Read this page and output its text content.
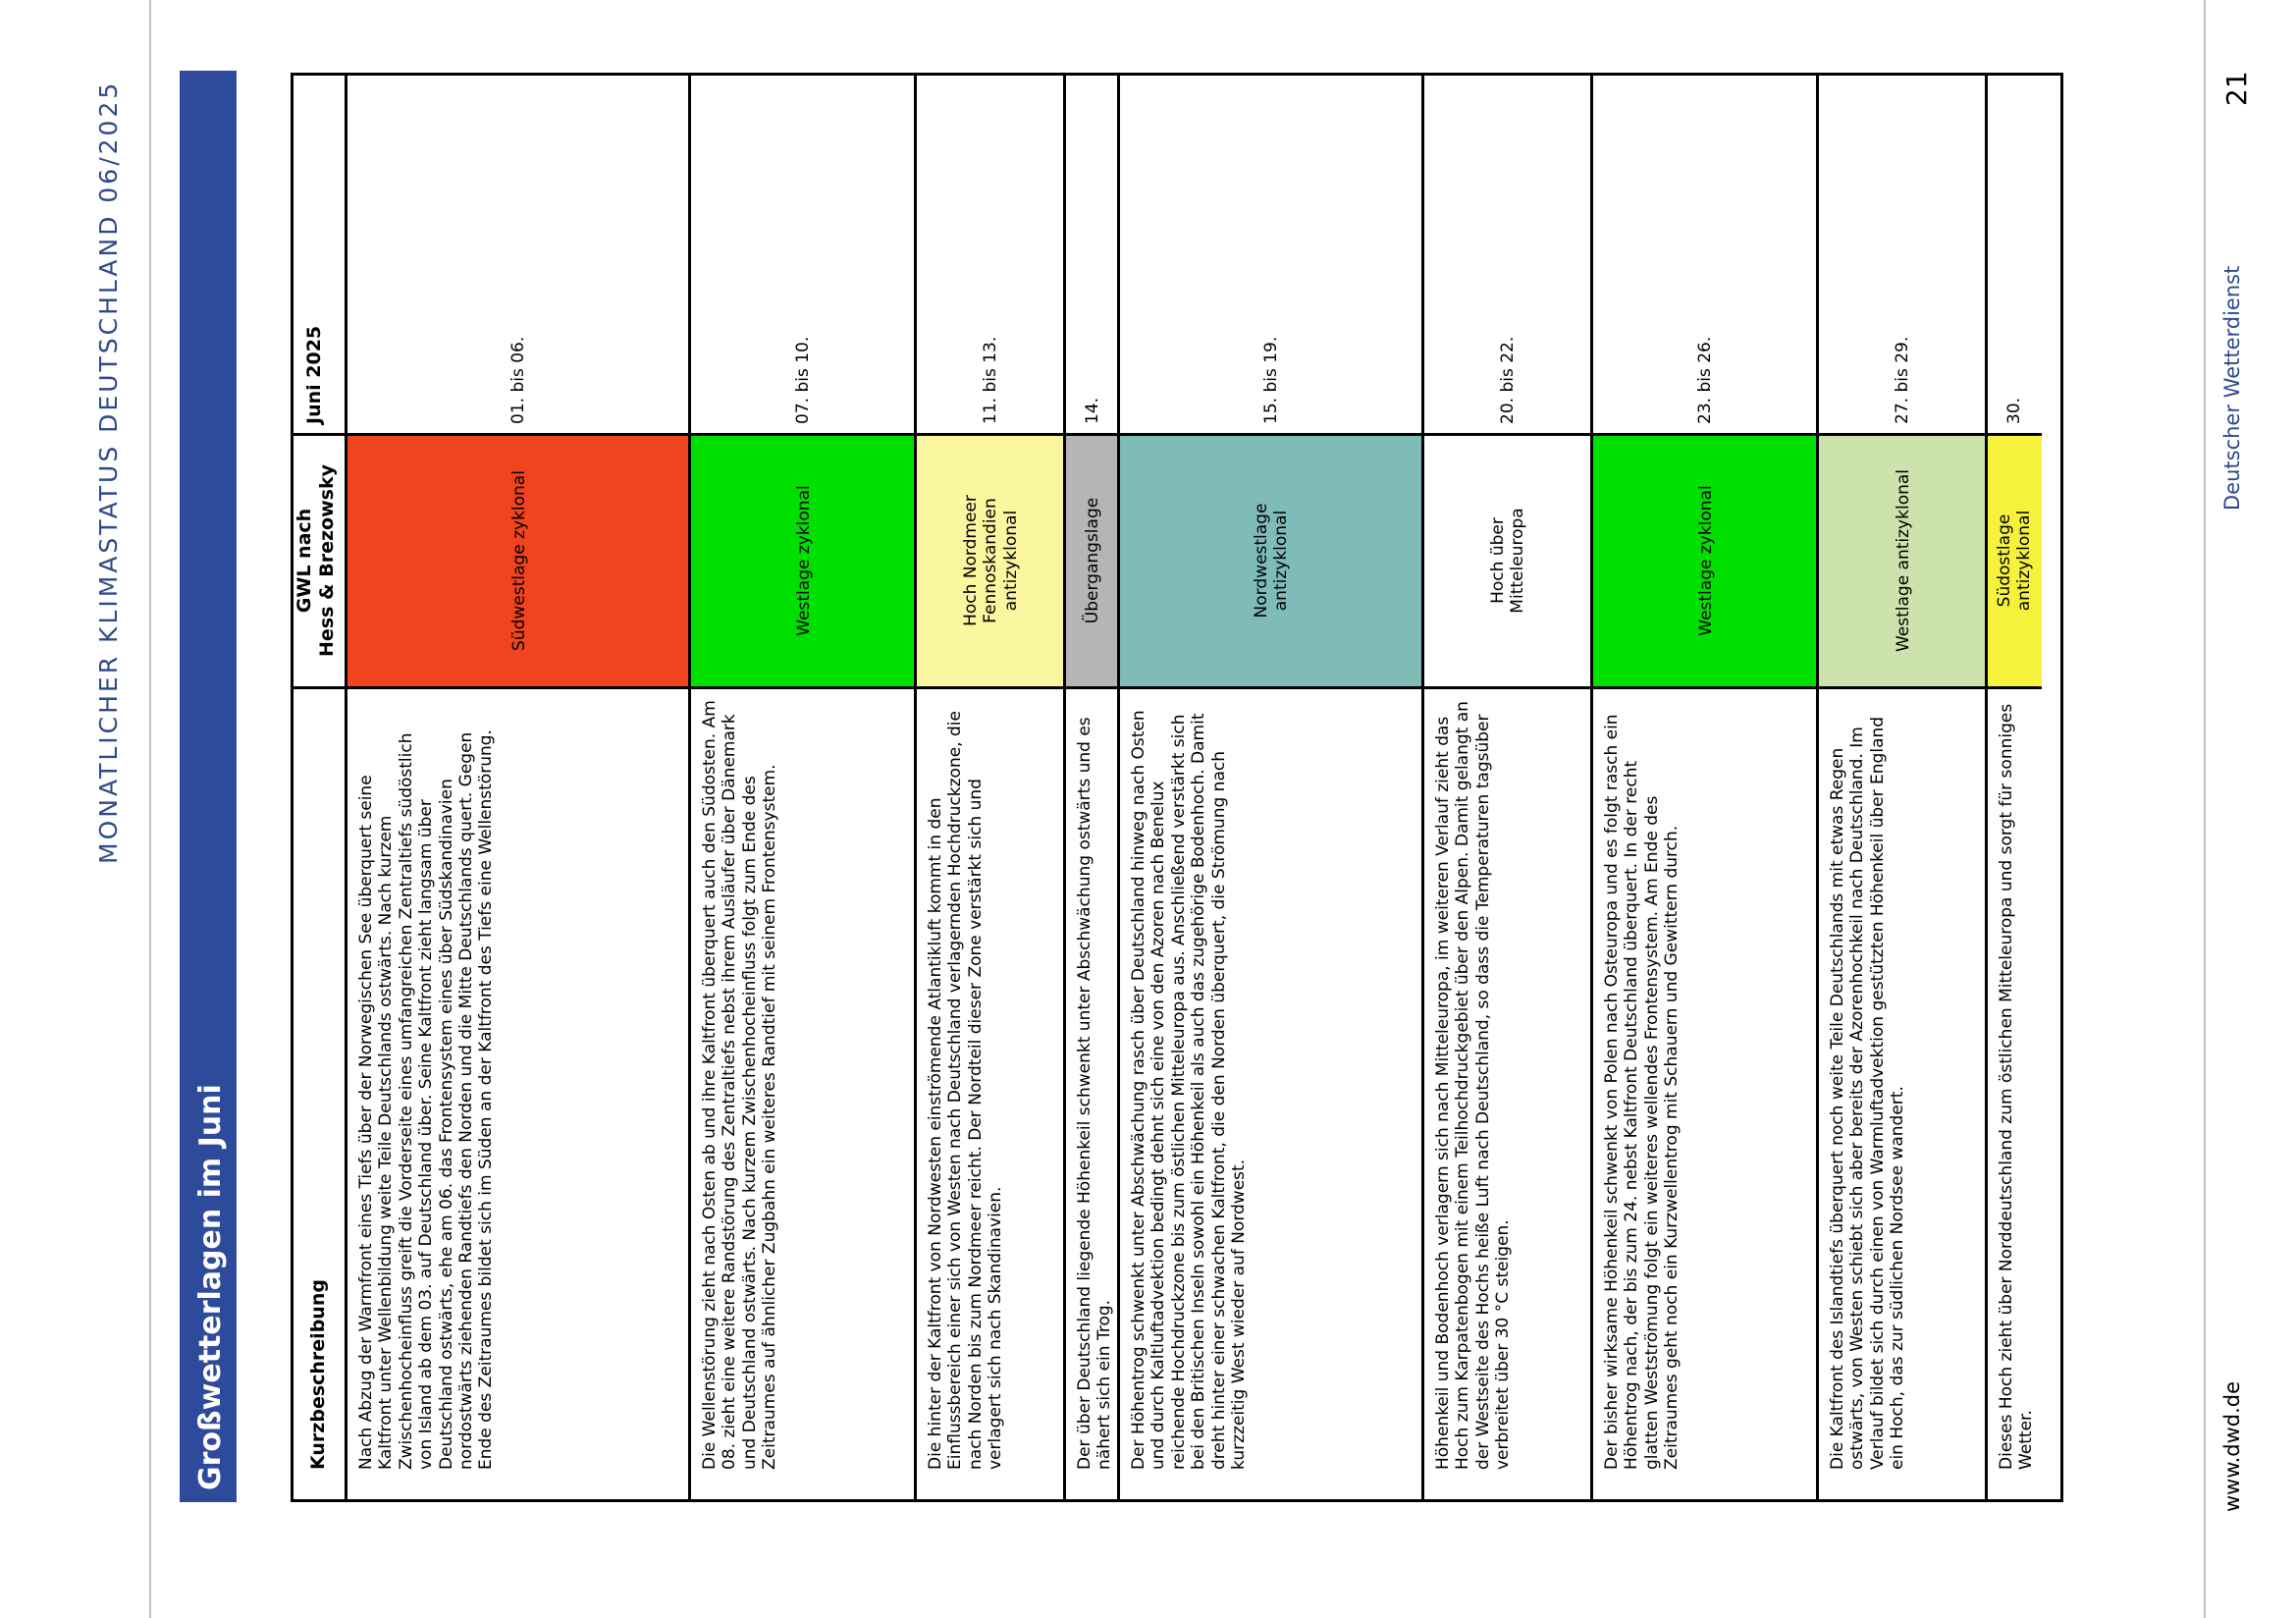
MONATLICHER KLIMASTATUS DEUTSCHLAND 06/2025	21
Deutscher Wetterdienst
www.dwd.de
Großwetterlagen im Juni
Juni 2025
GWL nach Hess & Brezowsky
Kurzbeschreibung
01. bis 06.
Südwestlage zyklonal
Nach Abzug der Warmfront eines Tiefs über der Norwegischen See überquert seine Kaltfront unter Wellenbildung weite Teile Deutschlands ostwärts. Nach kurzem Zwischenhocheinfluss greift die Vorderseite eines umfangreichen Zentraltiefs südöstlich von Island ab dem 03. auf Deutschland über. Seine Kaltfront zieht langsam über Deutschland ostwärts, ehe am 06. das Frontensystem eines über Südskandinavien nordostwärts ziehenden Randtiefs den Norden und die Mitte Deutschlands quert. Gegen Ende des Zeitraumes bildet sich im Süden an der Kaltfront des Tiefs eine Wellenstörung.
07. bis 10.
Westlage zyklonal
Die Wellenstörung zieht nach Osten ab und ihre Kaltfront überquert auch den Südosten. Am 08. zieht eine weitere Randstörung des Zentraltiefs nebst ihrem Ausläufer über Dänemark und Deutschland ostwärts. Nach kurzem Zwischenhocheinfluss folgt zum Ende des Zeitraumes auf ähnlicher Zugbahn ein weiteres Randtief mit seinem Frontensystem.
11. bis 13.
Hoch Nordmeer Fennoskandien antizyklonal
Die hinter der Kaltfront von Nordwesten einströmende Atlantikluft kommt in den Einflussbereich einer sich von Westen nach Deutschland verlagernden Hochdruckzone, die nach Norden bis zum Nordmeer reicht. Der Nordteil dieser Zone verstärkt sich und verlagert sich nach Skandinavien.
14.
Übergangslage
Der über Deutschland liegende Höhenkeil schwenkt unter Abschwächung ostwärts und es nähert sich ein Trog.
15. bis 19.
Nordwestlage antizyklonal
Der Höhentrog schwenkt unter Abschwächung rasch über Deutschland hinweg nach Osten und durch Kaltluftadvektion bedingt dehnt sich eine von den Azoren nach Benelux reichende Hochdruckzone bis zum östlichen Mitteleuropa aus. Anschließend verstärkt sich bei den Britischen Inseln sowohl ein Höhenkeil als auch das zugehörige Bodenhoch. Damit dreht hinter einer schwachen Kaltfront, die den Norden überquert, die Strömung nach kurzzeitig West wieder auf Nordwest.
20. bis 22.
Hoch über Mitteleuropa
Höhenkeil und Bodenhoch verlagern sich nach Mitteleuropa, im weiteren Verlauf zieht das Hoch zum Karpatenbogen mit einem Teilhochdruckgebiet über den Alpen. Damit gelangt an der Westseite des Hochs heiße Luft nach Deutschland, so dass die Temperaturen tagsüber verbreitet über 30 °C steigen.
23. bis 26.
Westlage zyklonal
Der bisher wirksame Höhenkeil schwenkt von Polen nach Osteuropa und es folgt rasch ein Höhentrog nach, der bis zum 24. nebst Kaltfront Deutschland überquert. In der recht glatten Westströmung folgt ein weiteres wellendes Frontensystem. Am Ende des Zeitraumes geht noch ein Kurzwellentrog mit Schauern und Gewittern durch.
27. bis 29.
Westlage antizyklonal
Die Kaltfront des Islandtiefs überquert noch weite Teile Deutschlands mit etwas Regen ostwärts, von Westen schiebt sich aber bereits der Azorenhochkeil nach Deutschland. Im Verlauf bildet sich durch einen von Warmluftadvektion gestützten Höhenkeil über England ein Hoch, das zur südlichen Nordsee wandert.
30.
Südostlage antizyklonal
Dieses Hoch zieht über Norddeutschland zum östlichen Mitteleuropa und sorgt für sonniges Wetter.
